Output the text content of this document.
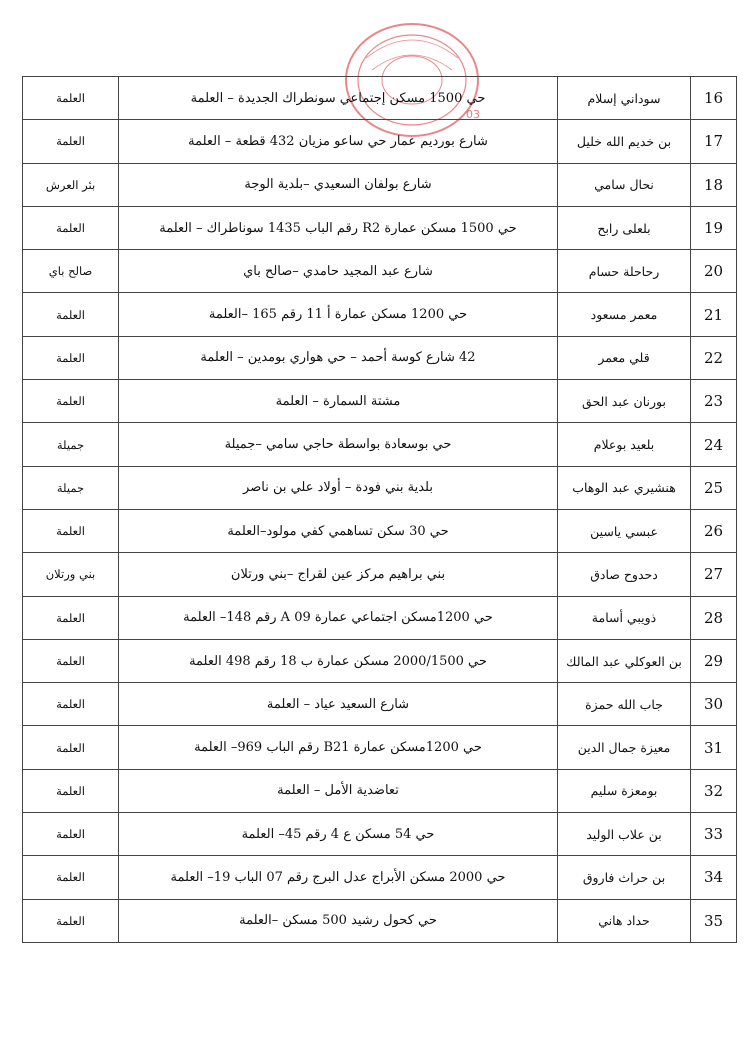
03
16	سوداني إسلام	حي 1500 مسكن إجتماعي سونطراك الجديدة – العلمة	العلمة
17	بن خديم الله خليل	شارع بورديم عمار حي ساعو مزيان 432 قطعة – العلمة	العلمة
18	نحال سامي	شارع بولفان السعيدي –بلدية الوجة	بئر العرش
19	بلعلى رابح	حي 1500 مسكن عمارة R2 رقم الباب 1435 سوناطراك – العلمة	العلمة
20	رحاحلة حسام	شارع عبد المجيد حامدي –صالح باي	صالح باي
21	معمر مسعود	حي 1200 مسكن عمارة أ 11 رقم 165 –العلمة	العلمة
22	قلي معمر	42 شارع كوسة أحمد – حي هواري بومدين – العلمة	العلمة
23	بورنان عبد الحق	مشتة السمارة – العلمة	العلمة
24	بلعيد بوعلام	حي بوسعادة بواسطة حاجي سامي –جميلة	جميلة
25	هنشيري عبد الوهاب	بلدية بني فودة – أولاد علي بن ناصر	جميلة
26	عبسي ياسين	حي 30 سكن تساهمي كفي مولود–العلمة	العلمة
27	دحدوح صادق	بني براهيم مركز عين لقراج –بني ورتلان	بني ورتلان
28	ذويبي أسامة	حي 1200مسكن اجتماعي عمارة 09 A رقم 148– العلمة	العلمة
29	بن العوكلي عبد المالك	حي 2000/1500 مسكن عمارة ب 18 رقم 498 العلمة	العلمة
30	جاب الله حمزة	شارع السعيد عياد – العلمة	العلمة
31	معيزة جمال الدين	حي 1200مسكن عمارة B21 رقم الباب 969– العلمة	العلمة
32	بومعزة سليم	تعاضدية الأمل – العلمة	العلمة
33	بن علاب الوليد	حي 54 مسكن ع 4 رقم 45– العلمة	العلمة
34	بن حراث فاروق	حي 2000 مسكن الأبراج عدل البرج رقم 07 الباب 19– العلمة	العلمة
35	حداد هاني	حي كحول رشيد 500 مسكن –العلمة	العلمة
